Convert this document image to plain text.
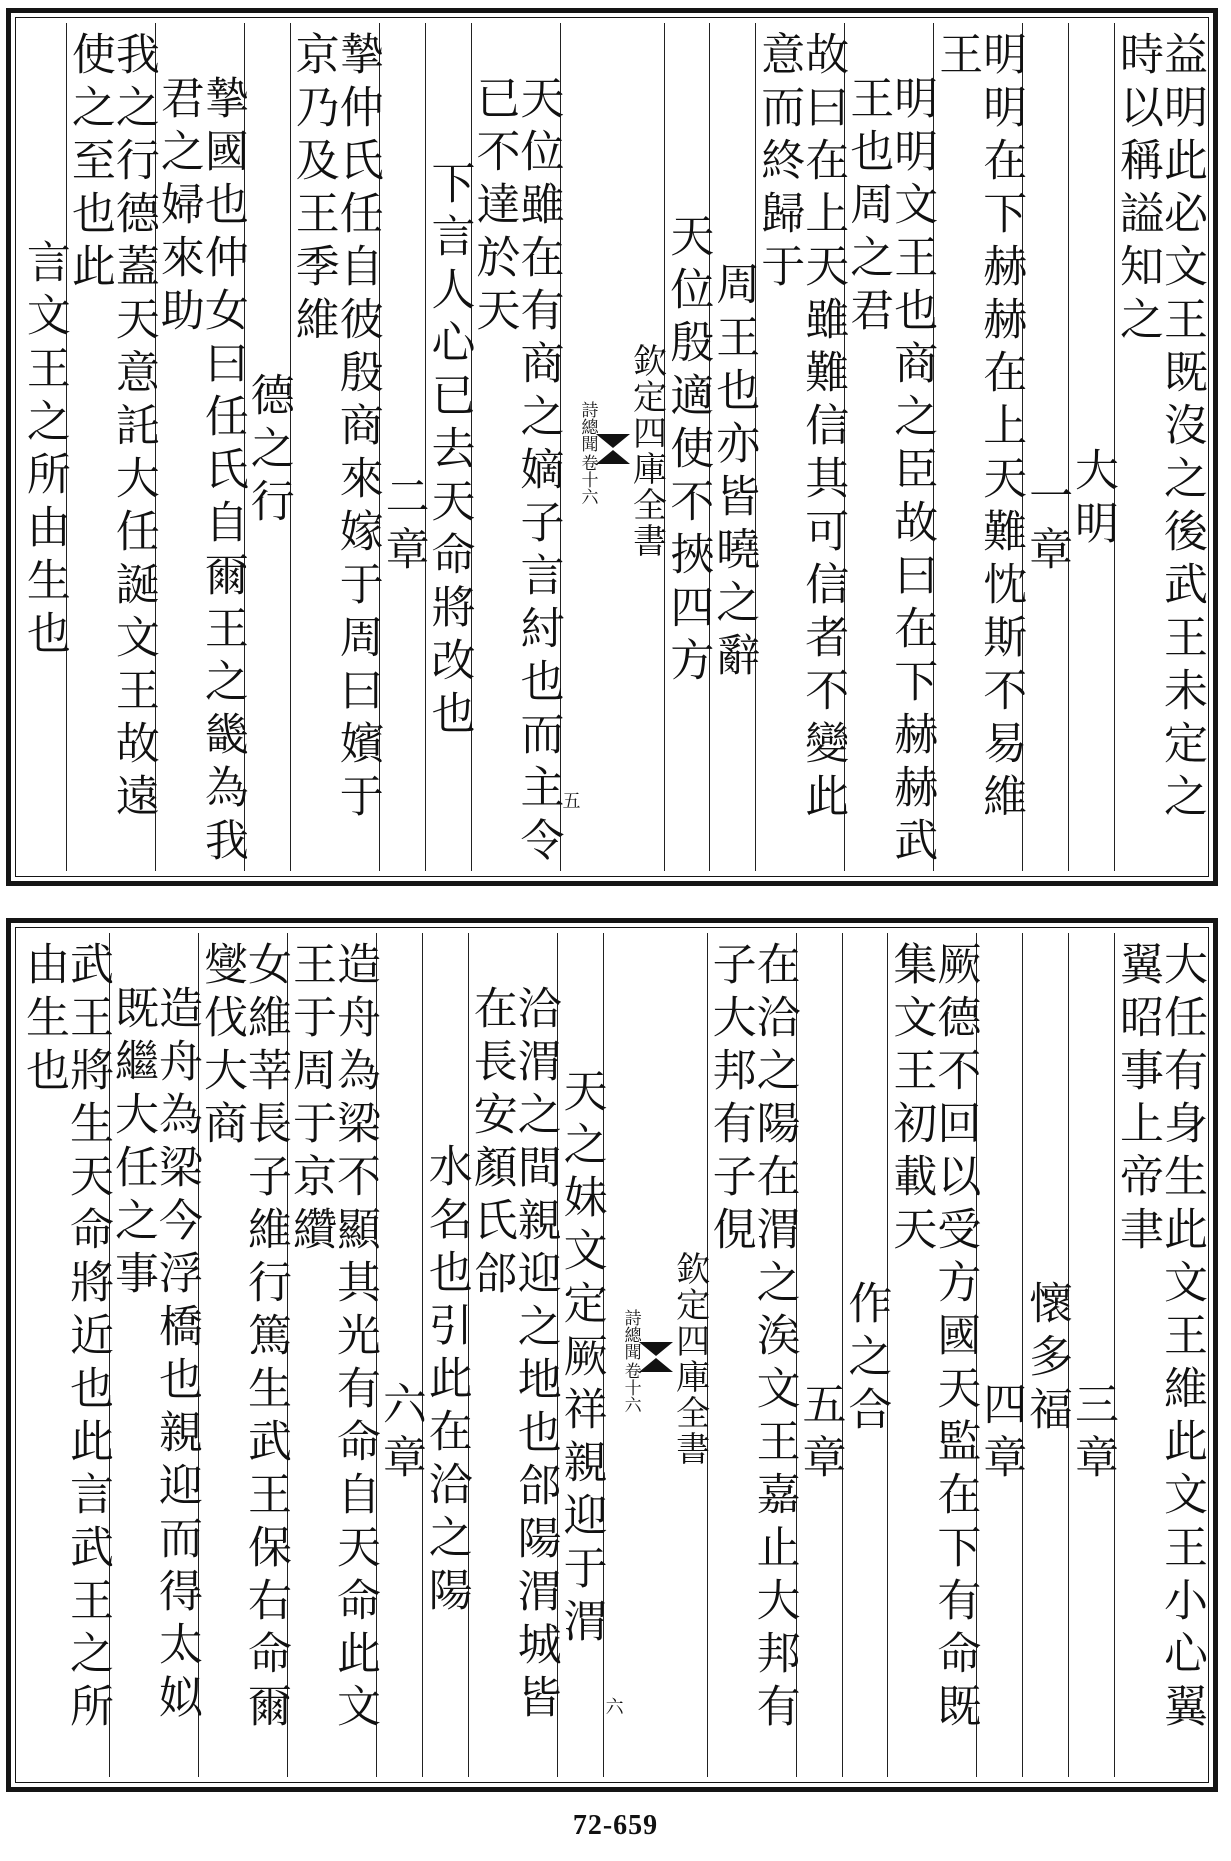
益明此必文王既沒之後武王未定之時以稱謚知之
大明
一章
明明在下赫赫在上天難忱斯不易維王
明明文王也商之臣故曰在下赫赫武王也周之君
故曰在上天雖難信其可信者不變此意而終歸于
周王也亦皆曉之辭
天位殷適使不挾四方
欽定四庫全書
詩總聞
卷十六
五
天位雖在有商之嫡子言紂也而主令已不達於天
下言人心已去天命將改也
二章
摯仲氏任自彼殷商來嫁于周曰嬪于京乃及王季維
德之行
摯國也仲女曰任氏自爾王之畿為我君之婦來助
我之行德蓋天意託大任誕文王故遠使之至也此
言文王之所由生也
大任有身生此文王維此文王小心翼翼昭事上帝聿
三章
懷多福
四章
厥德不回以受方國天監在下有命既集文王初載天
作之合
五章
在洽之陽在渭之涘文王嘉止大邦有子大邦有子俔
欽定四庫全書
詩總聞
卷十六
六
天之妹文定厥祥親迎于渭
洽渭之間親迎之地也郃陽渭城皆在長安顏氏郃
水名也引此在洽之陽
六章
造舟為梁不顯其光有命自天命此文王于周于京纘
女維莘長子維行篤生武王保右命爾燮伐大商
造舟為梁今浮橋也親迎而得太姒既繼大任之事
武王將生天命將近也此言武王之所由生也
72-659
